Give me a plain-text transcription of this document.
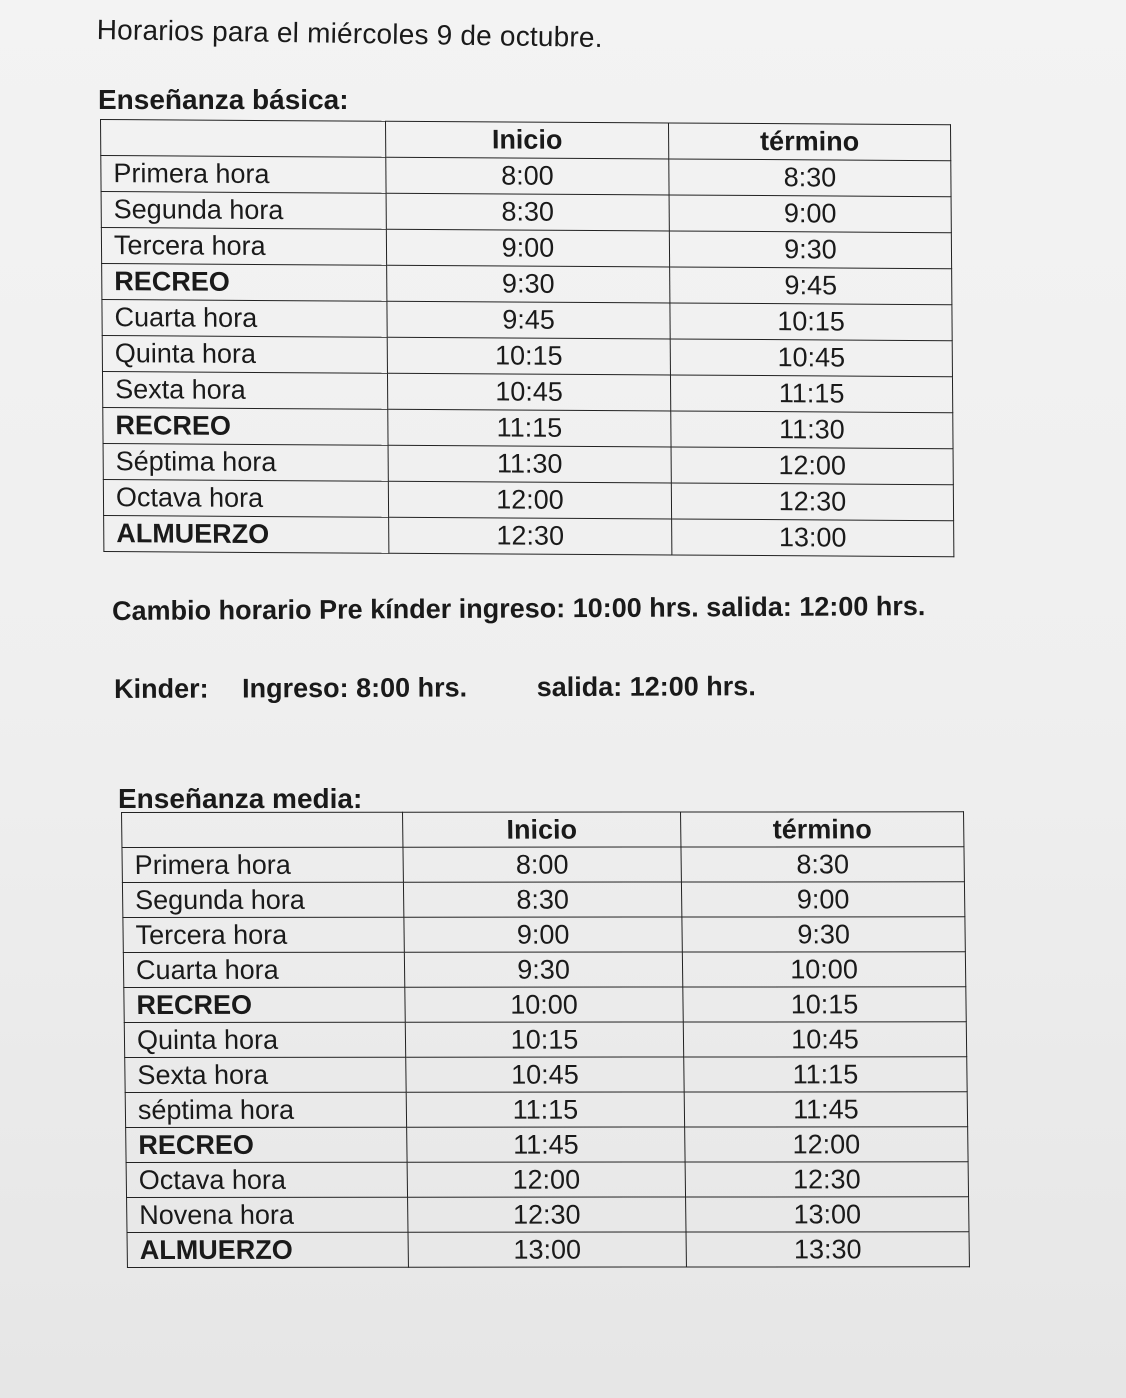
Horarios para el miércoles 9 de octubre.
Enseñanza básica:
	Inicio	término
Primera hora	8:00	8:30
Segunda hora	8:30	9:00
Tercera hora	9:00	9:30
RECREO	9:30	9:45
Cuarta hora	9:45	10:15
Quinta hora	10:15	10:45
Sexta hora	10:45	11:15
RECREO	11:15	11:30
Séptima hora	11:30	12:00
Octava hora	12:00	12:30
ALMUERZO	12:30	13:00
Cambio horario Pre kínder ingreso: 10:00 hrs. salida: 12:00 hrs.
Kinder: Ingreso: 8:00 hrs.	salida: 12:00 hrs.
Enseñanza media:
	Inicio	término
Primera hora	8:00	8:30
Segunda hora	8:30	9:00
Tercera hora	9:00	9:30
Cuarta hora	9:30	10:00
RECREO	10:00	10:15
Quinta hora	10:15	10:45
Sexta hora	10:45	11:15
séptima hora	11:15	11:45
RECREO	11:45	12:00
Octava hora	12:00	12:30
Novena hora	12:30	13:00
ALMUERZO	13:00	13:30
